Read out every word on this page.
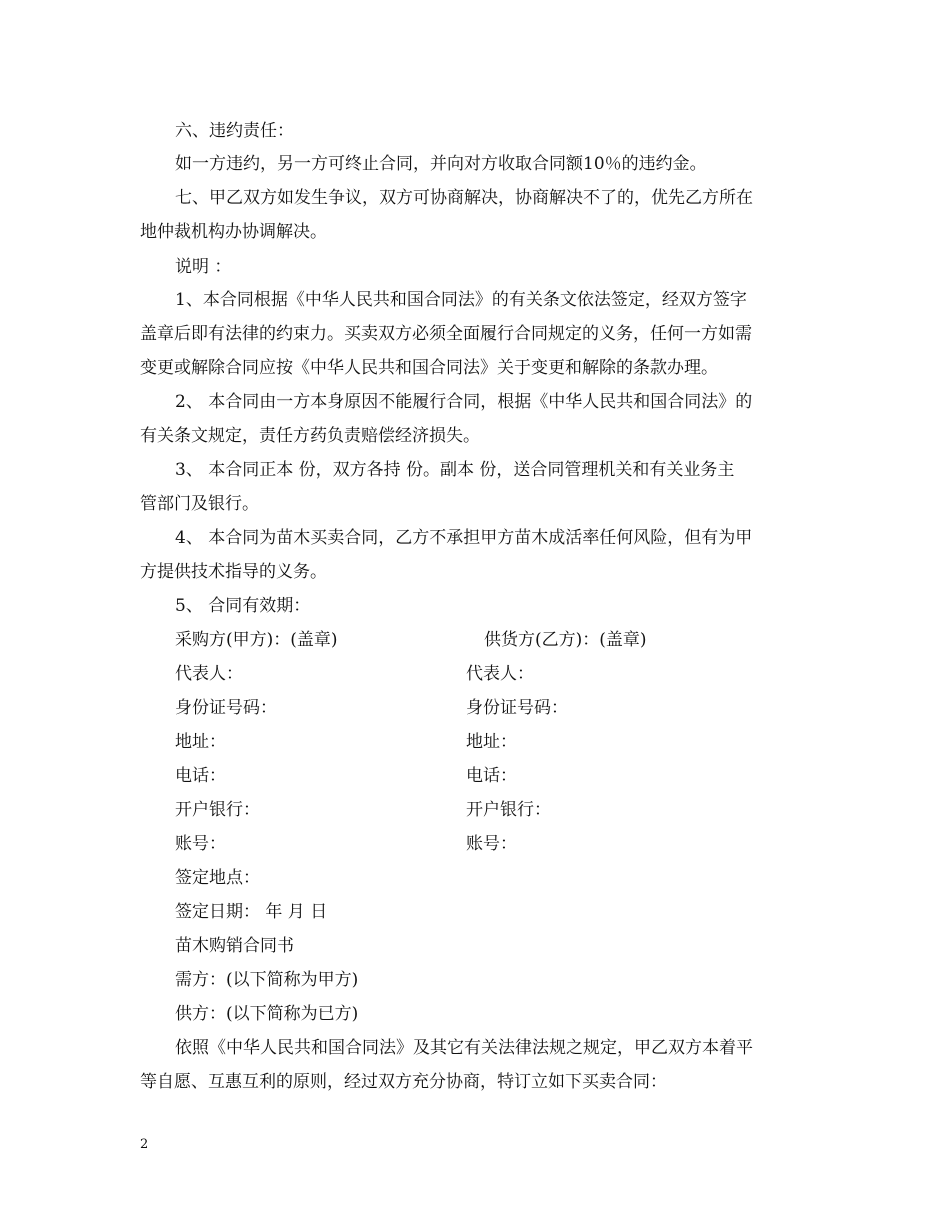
六、违约责任：
如一方违约，另一方可终止合同，并向对方收取合同额10％的违约金。
七、甲乙双方如发生争议，双方可协商解决，协商解决不了的，优先乙方所在
地仲裁机构办协调解决。
说明 ：
1、本合同根据《中华人民共和国合同法》的有关条文依法签定，经双方签字
盖章后即有法律的约束力。买卖双方必须全面履行合同规定的义务，任何一方如需
变更或解除合同应按《中华人民共和国合同法》关于变更和解除的条款办理。
2、 本合同由一方本身原因不能履行合同，根据《中华人民共和国合同法》的
有关条文规定，责任方药负责赔偿经济损失。
3、 本合同正本 份，双方各持 份。副本 份，送合同管理机关和有关业务主
管部门及银行。
4、 本合同为苗木买卖合同，乙方不承担甲方苗木成活率任何风险，但有为甲
方提供技术指导的义务。
5、 合同有效期：
采购方(甲方)：(盖章)	供货方(乙方)：(盖章)
代表人：	代表人：
身份证号码：	身份证号码：
地址：	地址：
电话：	电话：
开户银行：	开户银行：
账号：	账号：
签定地点：
签定日期： 年 月 日
苗木购销合同书
需方：(以下简称为甲方)
供方：(以下简称为已方)
依照《中华人民共和国合同法》及其它有关法律法规之规定，甲乙双方本着平
等自愿、互惠互利的原则，经过双方充分协商，特订立如下买卖合同：
2
